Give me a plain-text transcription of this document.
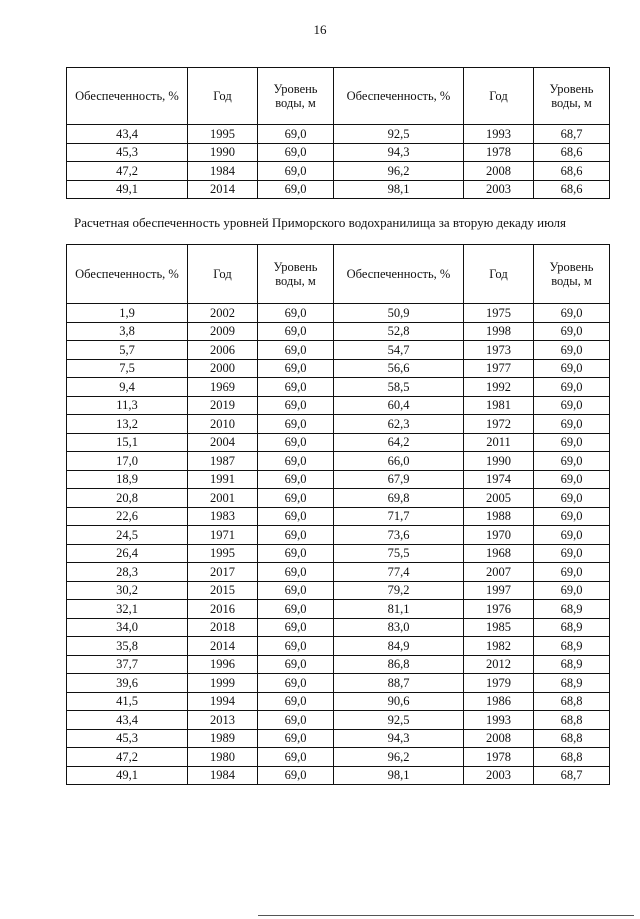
16
Обеспеченность, %	Год	Уровень воды, м	Обеспеченность, %	Год	Уровень воды, м
43,4	1995	69,0	92,5	1993	68,7
45,3	1990	69,0	94,3	1978	68,6
47,2	1984	69,0	96,2	2008	68,6
49,1	2014	69,0	98,1	2003	68,6
Расчетная обеспеченность уровней Приморского водохранилища за вторую декаду июля
Обеспеченность, %	Год	Уровень воды, м	Обеспеченность, %	Год	Уровень воды, м
1,9	2002	69,0	50,9	1975	69,0
3,8	2009	69,0	52,8	1998	69,0
5,7	2006	69,0	54,7	1973	69,0
7,5	2000	69,0	56,6	1977	69,0
9,4	1969	69,0	58,5	1992	69,0
11,3	2019	69,0	60,4	1981	69,0
13,2	2010	69,0	62,3	1972	69,0
15,1	2004	69,0	64,2	2011	69,0
17,0	1987	69,0	66,0	1990	69,0
18,9	1991	69,0	67,9	1974	69,0
20,8	2001	69,0	69,8	2005	69,0
22,6	1983	69,0	71,7	1988	69,0
24,5	1971	69,0	73,6	1970	69,0
26,4	1995	69,0	75,5	1968	69,0
28,3	2017	69,0	77,4	2007	69,0
30,2	2015	69,0	79,2	1997	69,0
32,1	2016	69,0	81,1	1976	68,9
34,0	2018	69,0	83,0	1985	68,9
35,8	2014	69,0	84,9	1982	68,9
37,7	1996	69,0	86,8	2012	68,9
39,6	1999	69,0	88,7	1979	68,9
41,5	1994	69,0	90,6	1986	68,8
43,4	2013	69,0	92,5	1993	68,8
45,3	1989	69,0	94,3	2008	68,8
47,2	1980	69,0	96,2	1978	68,8
49,1	1984	69,0	98,1	2003	68,7
